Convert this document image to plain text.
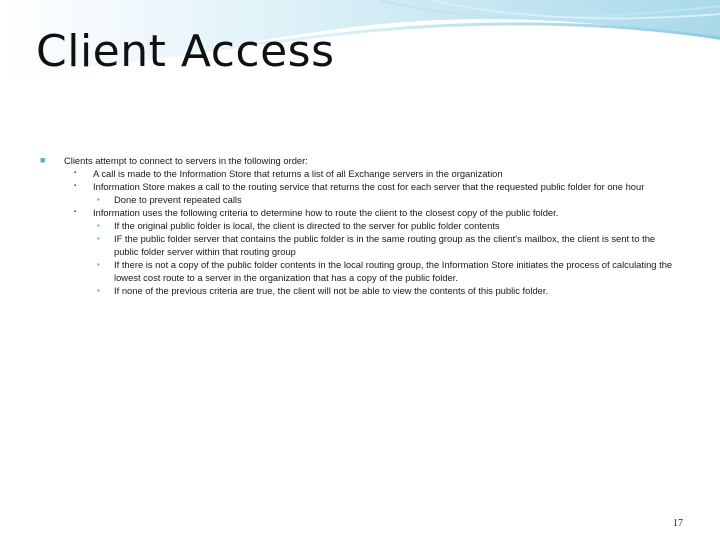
Client Access
■ Clients attempt to connect to servers in the following order:
▪ A call is made to the Information Store that returns a list of all Exchange servers in the organization
▪ Information Store makes a call to the routing service that returns the cost for each server that the requested public folder for one hour
▪ Done to prevent repeated calls
▪ Information uses the following criteria to determine how to route the client to the closest copy of the public folder.
▪ If the original public folder is local, the client is directed to the server for public folder contents
▪ IF the public folder server that contains the public folder is in the same routing group as the client's mailbox, the client is sent to the public folder server within that routing group
▪ If there is not a copy of the public folder contents in the local routing group, the Information Store initiates the process of calculating the lowest cost route to a server in the organization that has a copy of the public folder.
▪ If none of the previous criteria are true, the client will not be able to view the contents of this public folder.
17
